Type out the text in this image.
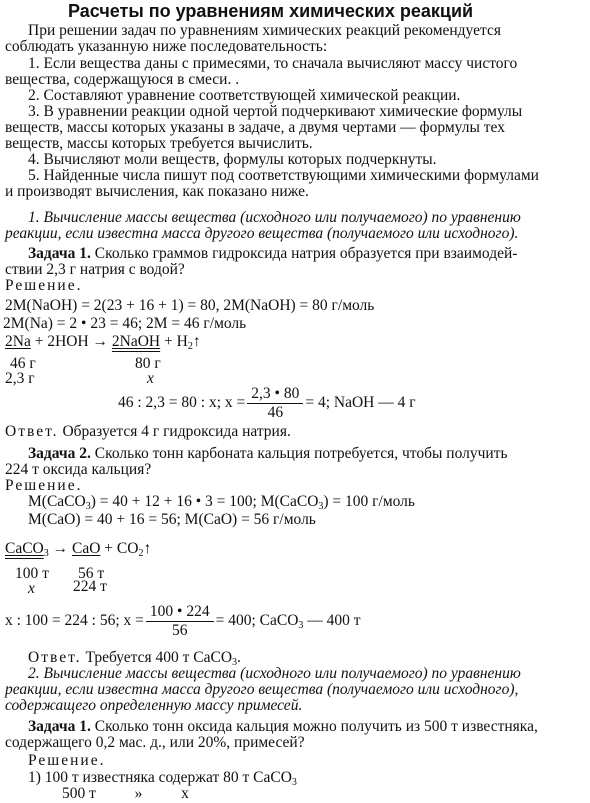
Расчеты по уравнениям химических реакций
При решении задач по уравнениям химических реакций рекомендуется
соблюдать указанную ниже последовательность:
1. Если вещества даны с примесями, то сначала вычисляют массу чистого
вещества, содержащуюся в смеси. .
2. Составляют уравнение соответствующей химической реакции.
3. В уравнении реакции одной чертой подчеркивают химические формулы
веществ, массы которых указаны в задаче, а двумя чертами — формулы тех
веществ, массы которых требуется вычислить.
4. Вычисляют моли веществ, формулы которых подчеркнуты.
5. Найденные числа пишут под соответствующими химическими формулами
и производят вычисления, как показано ниже.
1. Вычисление массы вещества (исходного или получаемого) по уравнению
реакции, если известна масса другого вещества (получаемого или исходного).
Задача 1. Сколько граммов гидроксида натрия образуется при взаимодей-
ствии 2,3 г натрия с водой?
Решение.
2M(NaOH) = 2(23 + 16 + 1) = 80, 2M(NaOH) = 80 г/моль
2M(Na) = 2 • 23 = 46; 2M = 46 г/моль
2Na + 2HOH → 2NaOH + $H_2↑$
46 г	80 г
2,3 г	x
46 : 2,3 = 80 : x; $x = \frac{2,3 • 80}{46} = 4$; NaOH — 4 г
Ответ. Образуется 4 г гидроксида натрия.
Задача 2. Сколько тонн карбоната кальция потребуется, чтобы получить
224 т оксида кальция?
Решение.
M(CaCO$_3$) = 40 + 12 + 16 • 3 = 100; M(CaCO$_3$) = 100 г/моль
M(CaO) = 40 + 16 = 56; M(CaO) = 56 г/моль
CaCO$_3$ → CaO + $CO_2↑$
100 т 56 т
x 224 т
x : 100 = 224 : 56; $x = \frac{100 • 224}{56} = 400$; CaCO$_3$ — 400 т
Ответ. Требуется 400 т CaCO$_3$.
2. Вычисление массы вещества (исходного или получаемого) по уравнению
реакции, если известна масса другого вещества (получаемого или исходного),
содержащего определенную массу примесей.
Задача 1. Сколько тонн оксида кальция можно получить из 500 т известняка,
содержащего 0,2 мас. д., или 20%, примесей?
Решение.
1) 100 т известняка содержат 80 т CaCO$_3$
500 т          »          x
